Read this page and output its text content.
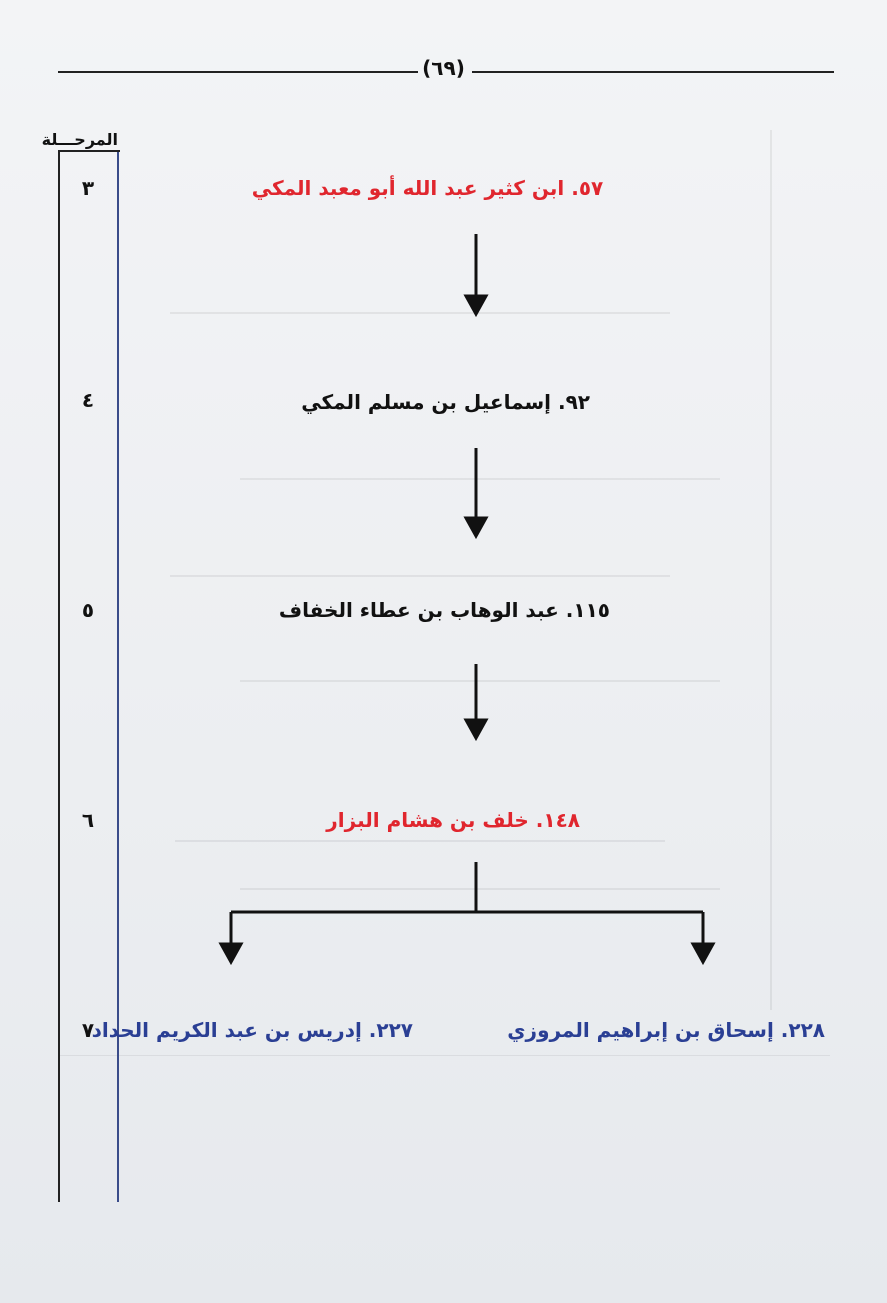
(٦٩)
المرحـــلة
٣
٤
٥
٦
٧
٥٧. ابن كثير عبد الله أبو معبد المكي
٩٢. إسماعيل بن مسلم المكي
١١٥. عبد الوهاب بن عطاء الخفاف
١٤٨. خلف بن هشام البزار
٢٢٨. إسحاق بن إبراهيم المروزي
٢٢٧. إدريس بن عبد الكريم الحداد
